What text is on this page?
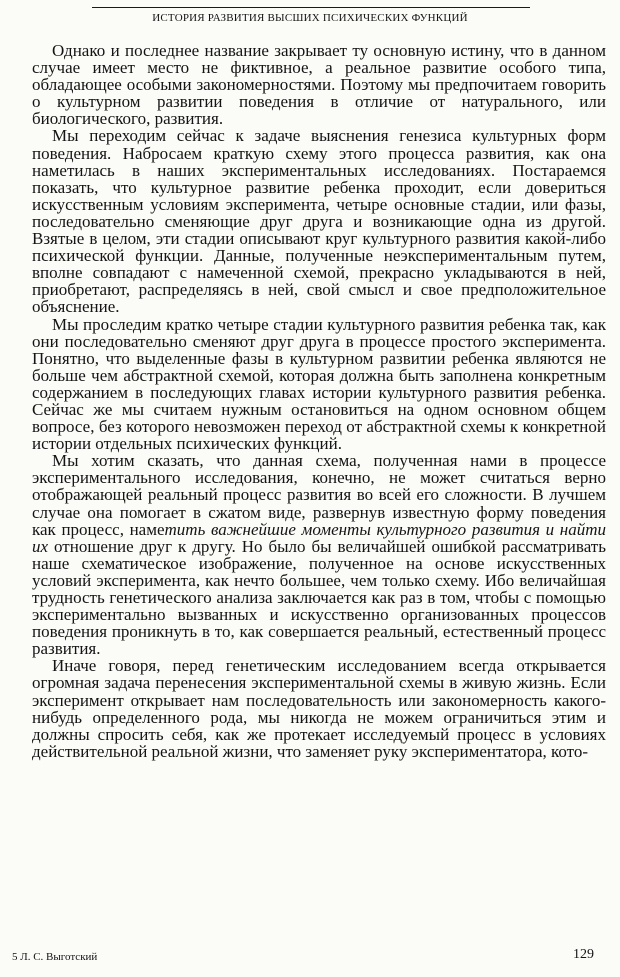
ИСТОРИЯ РАЗВИТИЯ ВЫСШИХ ПСИХИЧЕСКИХ ФУНКЦИЙ

Однако и последнее название закрывает ту основную истину, что в данном случае имеет место не фиктивное, а реальное развитие особого типа, обладающее особыми закономерностями. Поэтому мы предпочитаем говорить о культурном развитии поведения в отличие от натурального, или биологического, развития.

Мы переходим сейчас к задаче выяснения генезиса культурных форм поведения. Набросаем краткую схему этого процесса развития, как она наметилась в наших экспериментальных исследованиях. Постараемся показать, что культурное развитие ребенка проходит, если довериться искусственным условиям эксперимента, четыре основные стадии, или фазы, последовательно сменяющие друг друга и возникающие одна из другой. Взятые в целом, эти стадии описывают круг культурного развития какой-либо психической функции. Данные, полученные неэкспериментальным путем, вполне совпадают с намеченной схемой, прекрасно укладываются в ней, приобретают, распределяясь в ней, свой смысл и свое предположительное объяснение.

Мы проследим кратко четыре стадии культурного развития ребенка так, как они последовательно сменяют друг друга в процессе простого эксперимента. Понятно, что выделенные фазы в культурном развитии ребенка являются не больше чем абстрактной схемой, которая должна быть заполнена конкретным содержанием в последующих главах истории культурного развития ребенка. Сейчас же мы считаем нужным остановиться на одном основном общем вопросе, без которого невозможен переход от абстрактной схемы к конкретной истории отдельных психических функций.

Мы хотим сказать, что данная схема, полученная нами в процессе экспериментального исследования, конечно, не может считаться верно отображающей реальный процесс развития во всей его сложности. В лучшем случае она помогает в сжатом виде, развернув известную форму поведения как процесс, наметить важнейшие моменты культурного развития и найти их отношение друг к другу. Но было бы величайшей ошибкой рассматривать наше схематическое изображение, полученное на основе искусственных условий эксперимента, как нечто большее, чем только схему. Ибо величайшая трудность генетического анализа заключается как раз в том, чтобы с помощью экспериментально вызванных и искусственно организованных процессов поведения проникнуть в то, как совершается реальный, естественный процесс развития.

Иначе говоря, перед генетическим исследованием всегда открывается огромная задача перенесения экспериментальной схемы в живую жизнь. Если эксперимент открывает нам последовательность или закономерность какого-нибудь определенного рода, мы никогда не можем ограничиться этим и должны спросить себя, как же протекает исследуемый процесс в условиях действительной реальной жизни, что заменяет руку экспериментатора, кото-

5 Л. С. Выготский	129
